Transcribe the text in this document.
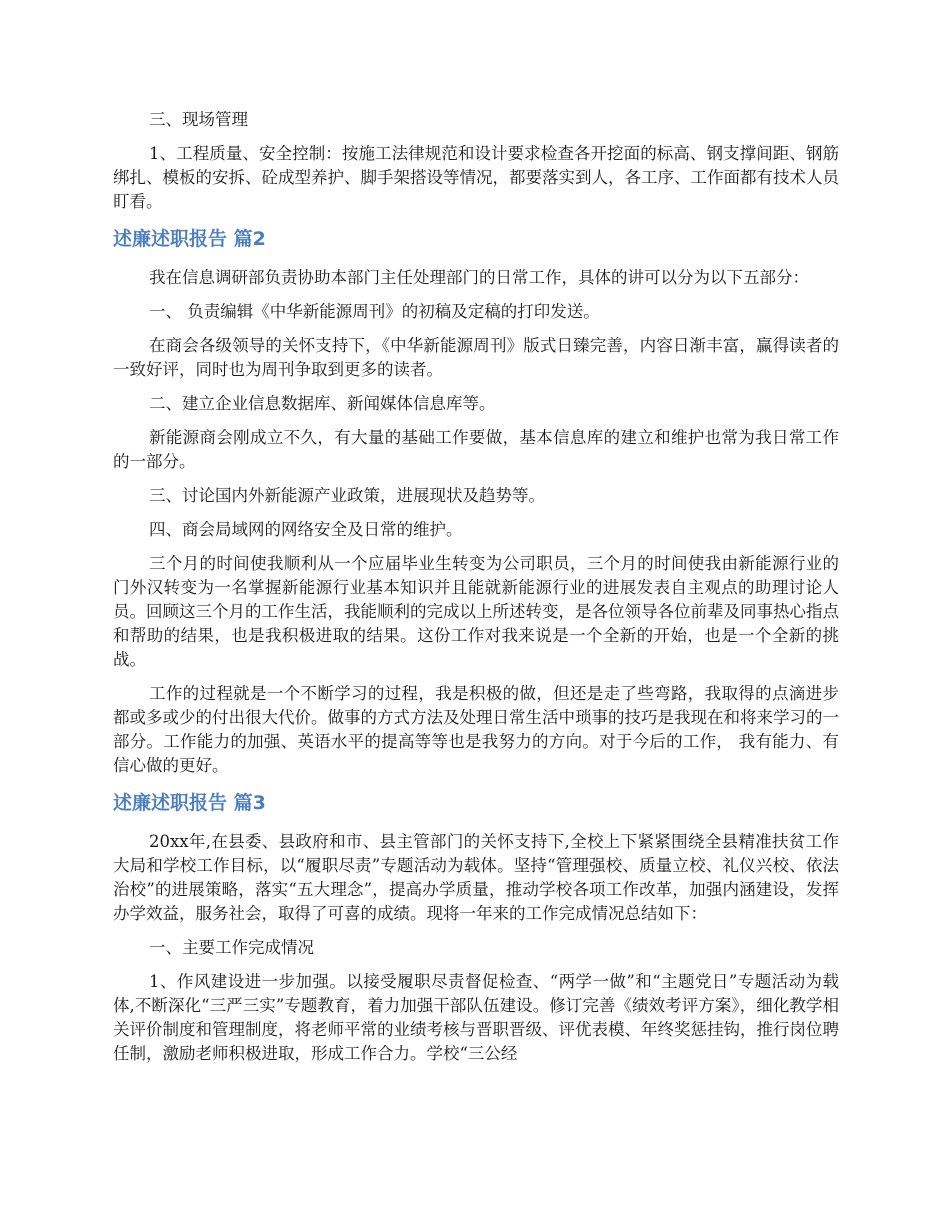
三、现场管理

1、工程质量、安全控制：按施工法律规范和设计要求检查各开挖面的标高、钢支撑间距、钢筋绑扎、模板的安拆、砼成型养护、脚手架搭设等情况，都要落实到人，各工序、工作面都有技术人员盯看。

述廉述职报告 篇2

我在信息调研部负责协助本部门主任处理部门的日常工作，具体的讲可以分为以下五部分：

一、 负责编辑《中华新能源周刊》的初稿及定稿的打印发送。

在商会各级领导的关怀支持下，《中华新能源周刊》版式日臻完善，内容日渐丰富，赢得读者的一致好评，同时也为周刊争取到更多的读者。

二、建立企业信息数据库、新闻媒体信息库等。

新能源商会刚成立不久，有大量的基础工作要做，基本信息库的建立和维护也常为我日常工作的一部分。

三、讨论国内外新能源产业政策，进展现状及趋势等。

四、商会局域网的网络安全及日常的维护。

三个月的时间使我顺利从一个应届毕业生转变为公司职员，三个月的时间使我由新能源行业的门外汉转变为一名掌握新能源行业基本知识并且能就新能源行业的进展发表自主观点的助理讨论人员。回顾这三个月的工作生活，我能顺利的完成以上所述转变，是各位领导各位前辈及同事热心指点和帮助的结果，也是我积极进取的结果。这份工作对我来说是一个全新的开始，也是一个全新的挑战。

工作的过程就是一个不断学习的过程，我是积极的做，但还是走了些弯路，我取得的点滴进步都或多或少的付出很大代价。做事的方式方法及处理日常生活中琐事的技巧是我现在和将来学习的一部分。工作能力的加强、英语水平的提高等等也是我努力的方向。对于今后的工作， 我有能力、有信心做的更好。

述廉述职报告 篇3

20xx年,在县委、县政府和市、县主管部门的关怀支持下,全校上下紧紧围绕全县精准扶贫工作大局和学校工作目标，以“履职尽责”专题活动为载体。坚持“管理强校、质量立校、礼仪兴校、依法治校”的进展策略，落实“五大理念”，提高办学质量，推动学校各项工作改革，加强内涵建设，发挥办学效益，服务社会，取得了可喜的成绩。现将一年来的工作完成情况总结如下：

一、主要工作完成情况

1、作风建设进一步加强。以接受履职尽责督促检查、“两学一做”和“主题党日”专题活动为载体,不断深化“三严三实”专题教育，着力加强干部队伍建设。修订完善《绩效考评方案》，细化教学相关评价制度和管理制度，将老师平常的业绩考核与晋职晋级、评优表模、年终奖惩挂钩，推行岗位聘任制，激励老师积极进取，形成工作合力。学校“三公经
